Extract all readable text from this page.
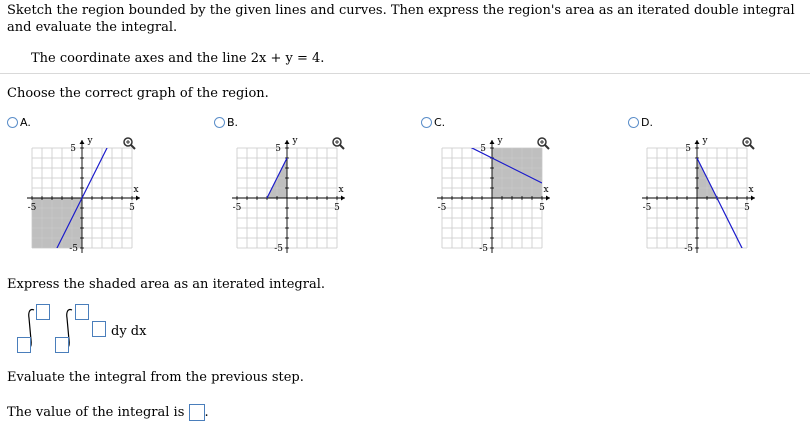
Sketch the region bounded by the given lines and curves. Then express the region's area as an iterated double integral and evaluate the integral.
The coordinate axes and the line 2x + y = 4.
Choose the correct graph of the region.
A.	B.	C.	D.
y
x
5
-5
-5	5
y
x
5
-5
-5	5
y
x
5
-5
-5	5
y
x
5
-5
-5	5
Express the shaded area as an iterated integral.
dy dx
Evaluate the integral from the previous step.
The value of the integral is .
